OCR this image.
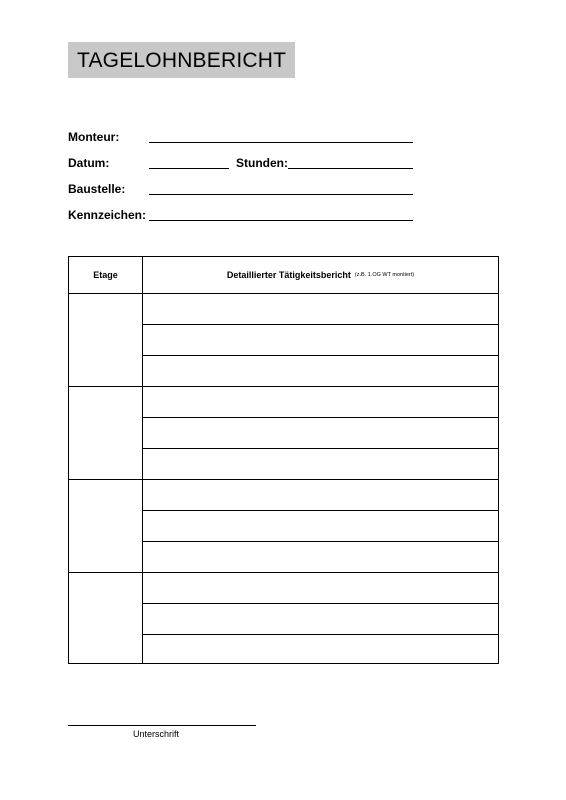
TAGELOHNBERICHT
Monteur:
Datum:	Stunden:
Baustelle:
Kennzeichen:
Etage	Detaillierter Tätigkeitsbericht (z.B. 1.OG WT montiert)
Unterschrift
